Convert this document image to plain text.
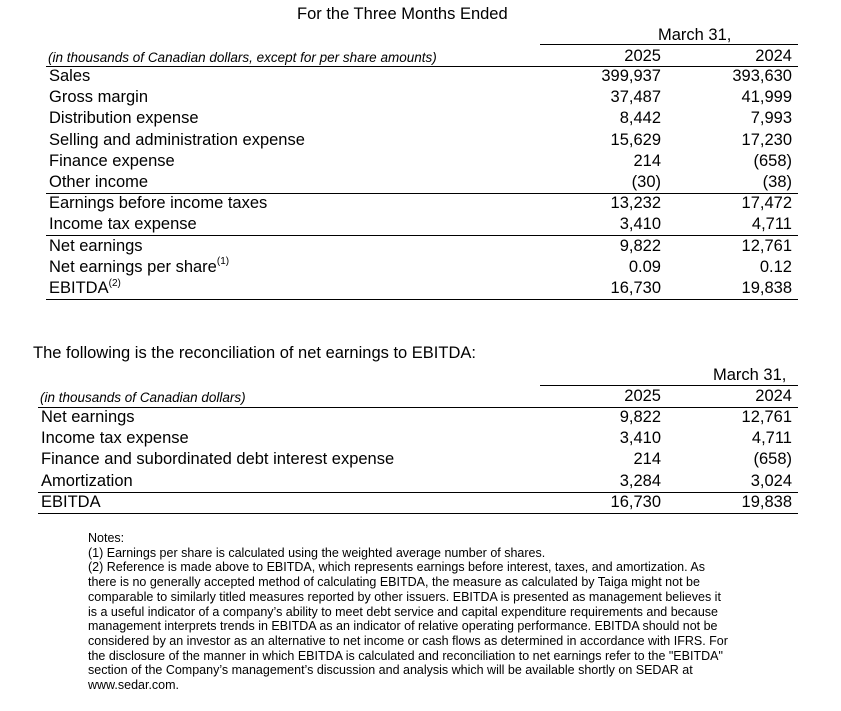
For the Three Months Ended
March 31,
(in thousands of Canadian dollars, except for per share amounts)	2025	2024
Sales	399,937	393,630
Gross margin	37,487	41,999
Distribution expense	8,442	7,993
Selling and administration expense	15,629	17,230
Finance expense	214	(658)
Other income	(30)	(38)
Earnings before income taxes	13,232	17,472
Income tax expense	3,410	4,711
Net earnings	9,822	12,761
Net earnings per share$^{(1)}$	0.09	0.12
EBITDA$^{(2)}$	16,730	19,838
The following is the reconciliation of net earnings to EBITDA:
March 31,
(in thousands of Canadian dollars)	2025	2024
Net earnings	9,822	12,761
Income tax expense	3,410	4,711
Finance and subordinated debt interest expense	214	(658)
Amortization	3,284	3,024
EBITDA	16,730	19,838
Notes:
(1) Earnings per share is calculated using the weighted average number of shares.
(2) Reference is made above to EBITDA, which represents earnings before interest, taxes, and amortization. As
there is no generally accepted method of calculating EBITDA, the measure as calculated by Taiga might not be
comparable to similarly titled measures reported by other issuers. EBITDA is presented as management believes it
is a useful indicator of a company’s ability to meet debt service and capital expenditure requirements and because
management interprets trends in EBITDA as an indicator of relative operating performance. EBITDA should not be
considered by an investor as an alternative to net income or cash flows as determined in accordance with IFRS. For
the disclosure of the manner in which EBITDA is calculated and reconciliation to net earnings refer to the "EBITDA"
section of the Company’s management’s discussion and analysis which will be available shortly on SEDAR at
www.sedar.com.
